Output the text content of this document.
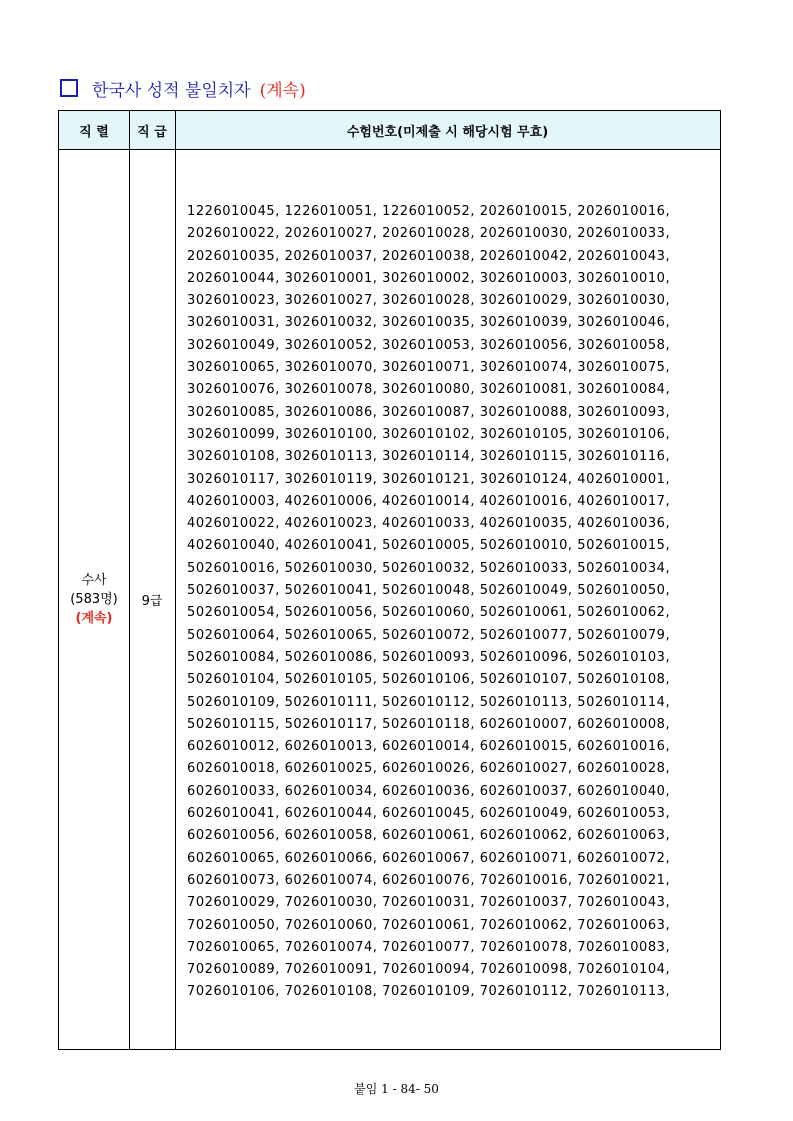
한국사 성적 불일치자 (계속)
직 렬	직 급	수험번호(미제출 시 해당시험 무효)
수사
(583명)
(계속)
9급
1226010045, 1226010051, 1226010052, 2026010015, 2026010016,
2026010022, 2026010027, 2026010028, 2026010030, 2026010033,
2026010035, 2026010037, 2026010038, 2026010042, 2026010043,
2026010044, 3026010001, 3026010002, 3026010003, 3026010010,
3026010023, 3026010027, 3026010028, 3026010029, 3026010030,
3026010031, 3026010032, 3026010035, 3026010039, 3026010046,
3026010049, 3026010052, 3026010053, 3026010056, 3026010058,
3026010065, 3026010070, 3026010071, 3026010074, 3026010075,
3026010076, 3026010078, 3026010080, 3026010081, 3026010084,
3026010085, 3026010086, 3026010087, 3026010088, 3026010093,
3026010099, 3026010100, 3026010102, 3026010105, 3026010106,
3026010108, 3026010113, 3026010114, 3026010115, 3026010116,
3026010117, 3026010119, 3026010121, 3026010124, 4026010001,
4026010003, 4026010006, 4026010014, 4026010016, 4026010017,
4026010022, 4026010023, 4026010033, 4026010035, 4026010036,
4026010040, 4026010041, 5026010005, 5026010010, 5026010015,
5026010016, 5026010030, 5026010032, 5026010033, 5026010034,
5026010037, 5026010041, 5026010048, 5026010049, 5026010050,
5026010054, 5026010056, 5026010060, 5026010061, 5026010062,
5026010064, 5026010065, 5026010072, 5026010077, 5026010079,
5026010084, 5026010086, 5026010093, 5026010096, 5026010103,
5026010104, 5026010105, 5026010106, 5026010107, 5026010108,
5026010109, 5026010111, 5026010112, 5026010113, 5026010114,
5026010115, 5026010117, 5026010118, 6026010007, 6026010008,
6026010012, 6026010013, 6026010014, 6026010015, 6026010016,
6026010018, 6026010025, 6026010026, 6026010027, 6026010028,
6026010033, 6026010034, 6026010036, 6026010037, 6026010040,
6026010041, 6026010044, 6026010045, 6026010049, 6026010053,
6026010056, 6026010058, 6026010061, 6026010062, 6026010063,
6026010065, 6026010066, 6026010067, 6026010071, 6026010072,
6026010073, 6026010074, 6026010076, 7026010016, 7026010021,
7026010029, 7026010030, 7026010031, 7026010037, 7026010043,
7026010050, 7026010060, 7026010061, 7026010062, 7026010063,
7026010065, 7026010074, 7026010077, 7026010078, 7026010083,
7026010089, 7026010091, 7026010094, 7026010098, 7026010104,
7026010106, 7026010108, 7026010109, 7026010112, 7026010113,
붙임 1 - 84- 50
